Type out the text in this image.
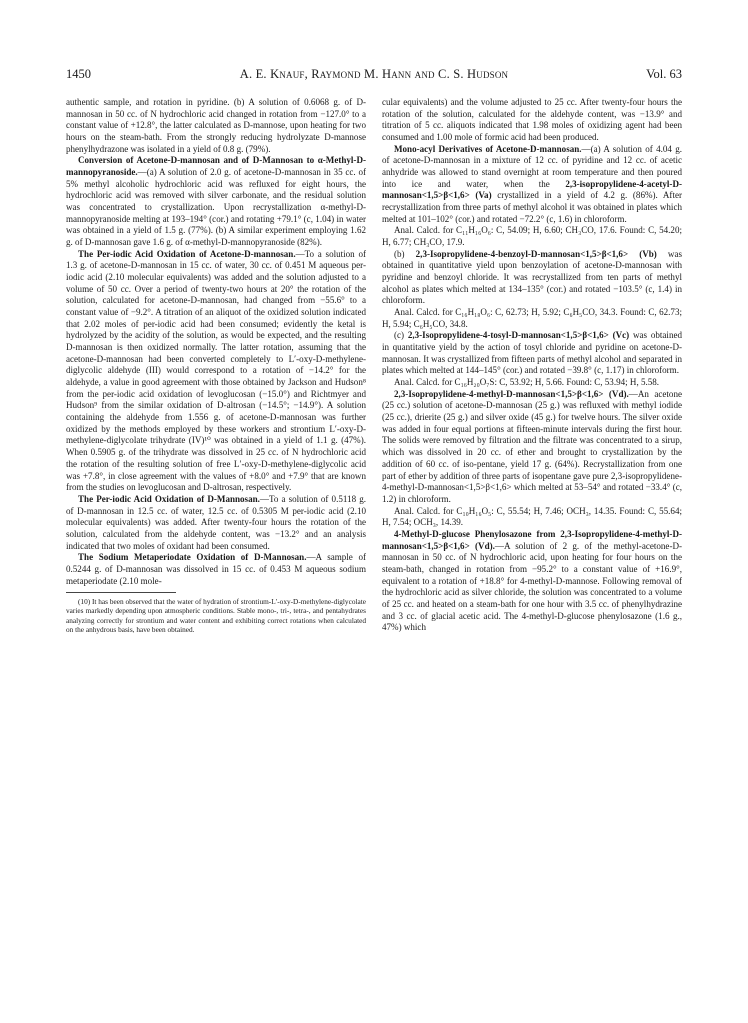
1450	A. E. Knauf, Raymond M. Hann and C. S. Hudson	Vol. 63

authentic sample, and rotation in pyridine. (b) A solution of 0.6068 g. of D-mannosan in 50 cc. of N hydrochloric acid changed in rotation from −127.0° to a constant value of +12.8°, the latter calculated as D-mannose, upon heating for two hours on the steam-bath. From the strongly reducing hydrolyzate D-mannose phenylhydrazone was isolated in a yield of 0.8 g. (79%).

Conversion of Acetone-D-mannosan and of D-Mannosan to α-Methyl-D-mannopyranoside.—(a) A solution of 2.0 g. of acetone-D-mannosan in 35 cc. of 5% methyl alcoholic hydrochloric acid was refluxed for eight hours, the hydrochloric acid was removed with silver carbonate, and the residual solution was concentrated to crystallization. Upon recrystallization α-methyl-D-mannopyranoside melting at 193–194° (cor.) and rotating +79.1° (c, 1.04) in water was obtained in a yield of 1.5 g. (77%). (b) A similar experiment employing 1.62 g. of D-mannosan gave 1.6 g. of α-methyl-D-mannopyranoside (82%).

The Per-iodic Acid Oxidation of Acetone-D-mannosan.—To a solution of 1.3 g. of acetone-D-mannosan in 15 cc. of water, 30 cc. of 0.451 M aqueous per-iodic acid (2.10 molecular equivalents) was added and the solution adjusted to a volume of 50 cc. Over a period of twenty-two hours at 20° the rotation of the solution, calculated for acetone-D-mannosan, had changed from −55.6° to a constant value of −9.2°. A titration of an aliquot of the oxidized solution indicated that 2.02 moles of per-iodic acid had been consumed; evidently the ketal is hydrolyzed by the acidity of the solution, as would be expected, and the resulting D-mannosan is then oxidized normally. The latter rotation, assuming that the acetone-D-mannosan had been converted completely to L′-oxy-D-methylene-diglycolic aldehyde (III) would correspond to a rotation of −14.2° for the aldehyde, a value in good agreement with those obtained by Jackson and Hudson⁸ from the per-iodic acid oxidation of levoglucosan (−15.0°) and Richtmyer and Hudson⁹ from the similar oxidation of D-altrosan (−14.5°; −14.9°). A solution containing the aldehyde from 1.556 g. of acetone-D-mannosan was further oxidized by the methods employed by these workers and strontium L′-oxy-D-methylene-diglycolate trihydrate (IV)¹⁰ was obtained in a yield of 1.1 g. (47%). When 0.5905 g. of the trihydrate was dissolved in 25 cc. of N hydrochloric acid the rotation of the resulting solution of free L′-oxy-D-methylene-diglycolic acid was +7.8°, in close agreement with the values of +8.0° and +7.9° that are known from the studies on levoglucosan and D-altrosan, respectively.

The Per-iodic Acid Oxidation of D-Mannosan.—To a solution of 0.5118 g. of D-mannosan in 12.5 cc. of water, 12.5 cc. of 0.5305 M per-iodic acid (2.10 molecular equivalents) was added. After twenty-four hours the rotation of the solution, calculated from the aldehyde content, was −13.2° and an analysis indicated that two moles of oxidant had been consumed.

The Sodium Metaperiodate Oxidation of D-Mannosan.—A sample of 0.5244 g. of D-mannosan was dissolved in 15 cc. of 0.453 M aqueous sodium metaperiodate (2.10 mole-

(10) It has been observed that the water of hydration of strontium-L′-oxy-D-methylene-diglycolate varies markedly depending upon atmospheric conditions. Stable mono-, tri-, tetra-, and pentahydrates analyzing correctly for strontium and water content and exhibiting correct rotations when calculated on the anhydrous basis, have been obtained.

cular equivalents) and the volume adjusted to 25 cc. After twenty-four hours the rotation of the solution, calculated for the aldehyde content, was −13.9° and titration of 5 cc. aliquots indicated that 1.98 moles of oxidizing agent had been consumed and 1.00 mole of formic acid had been produced.

Mono-acyl Derivatives of Acetone-D-mannosan.—(a) A solution of 4.04 g. of acetone-D-mannosan in a mixture of 12 cc. of pyridine and 12 cc. of acetic anhydride was allowed to stand overnight at room temperature and then poured into ice and water, when the 2,3-isopropylidene-4-acetyl-D-mannosan<1,5>β<1,6> (Va) crystallized in a yield of 4.2 g. (86%). After recrystallization from three parts of methyl alcohol it was obtained in plates which melted at 101–102° (cor.) and rotated −72.2° (c, 1.6) in chloroform.

Anal. Calcd. for C₁₁H₁₆O₆: C, 54.09; H, 6.60; CH₃CO, 17.6. Found: C, 54.20; H, 6.77; CH₃CO, 17.9.

(b) 2,3-Isopropylidene-4-benzoyl-D-mannosan<1,5>β<1,6> (Vb) was obtained in quantitative yield upon benzoylation of acetone-D-mannosan with pyridine and benzoyl chloride. It was recrystallized from ten parts of methyl alcohol as plates which melted at 134–135° (cor.) and rotated −103.5° (c, 1.4) in chloroform.

Anal. Calcd. for C₁₆H₁₈O₆: C, 62.73; H, 5.92; C₆H₅CO, 34.3. Found: C, 62.73; H, 5.94; C₆H₅CO, 34.8.

(c) 2,3-Isopropylidene-4-tosyl-D-mannosan<1,5>β<1,6> (Vc) was obtained in quantitative yield by the action of tosyl chloride and pyridine on acetone-D-mannosan. It was crystallized from fifteen parts of methyl alcohol and separated in plates which melted at 144–145° (cor.) and rotated −39.8° (c, 1.17) in chloroform.

Anal. Calcd. for C₁₆H₂₀O₇S: C, 53.92; H, 5.66. Found: C, 53.94; H, 5.58.

2,3-Isopropylidene-4-methyl-D-mannosan<1,5>β<1,6> (Vd).—An acetone (25 cc.) solution of acetone-D-mannosan (25 g.) was refluxed with methyl iodide (25 cc.), drierite (25 g.) and silver oxide (45 g.) for twelve hours. The silver oxide was added in four equal portions at fifteen-minute intervals during the first hour. The solids were removed by filtration and the filtrate was concentrated to a sirup, which was dissolved in 20 cc. of ether and brought to crystallization by the addition of 60 cc. of iso-pentane, yield 17 g. (64%). Recrystallization from one part of ether by addition of three parts of isopentane gave pure 2,3-isopropylidene-4-methyl-D-mannosan<1,5>β<1,6> which melted at 53–54° and rotated −33.4° (c, 1.2) in chloroform.

Anal. Calcd. for C₁₀H₁₆O₅: C, 55.54; H, 7.46; OCH₃, 14.35. Found: C, 55.64; H, 7.54; OCH₃, 14.39.

4-Methyl-D-glucose Phenylosazone from 2,3-Isopropylidene-4-methyl-D-mannosan<1,5>β<1,6> (Vd).—A solution of 2 g. of the methyl-acetone-D-mannosan in 50 cc. of N hydrochloric acid, upon heating for four hours on the steam-bath, changed in rotation from −95.2° to a constant value of +16.9°, equivalent to a rotation of +18.8° for 4-methyl-D-mannose. Following removal of the hydrochloric acid as silver chloride, the solution was concentrated to a volume of 25 cc. and heated on a steam-bath for one hour with 3.5 cc. of phenylhydrazine and 3 cc. of glacial acetic acid. The 4-methyl-D-glucose phenylosazone (1.6 g., 47%) which
